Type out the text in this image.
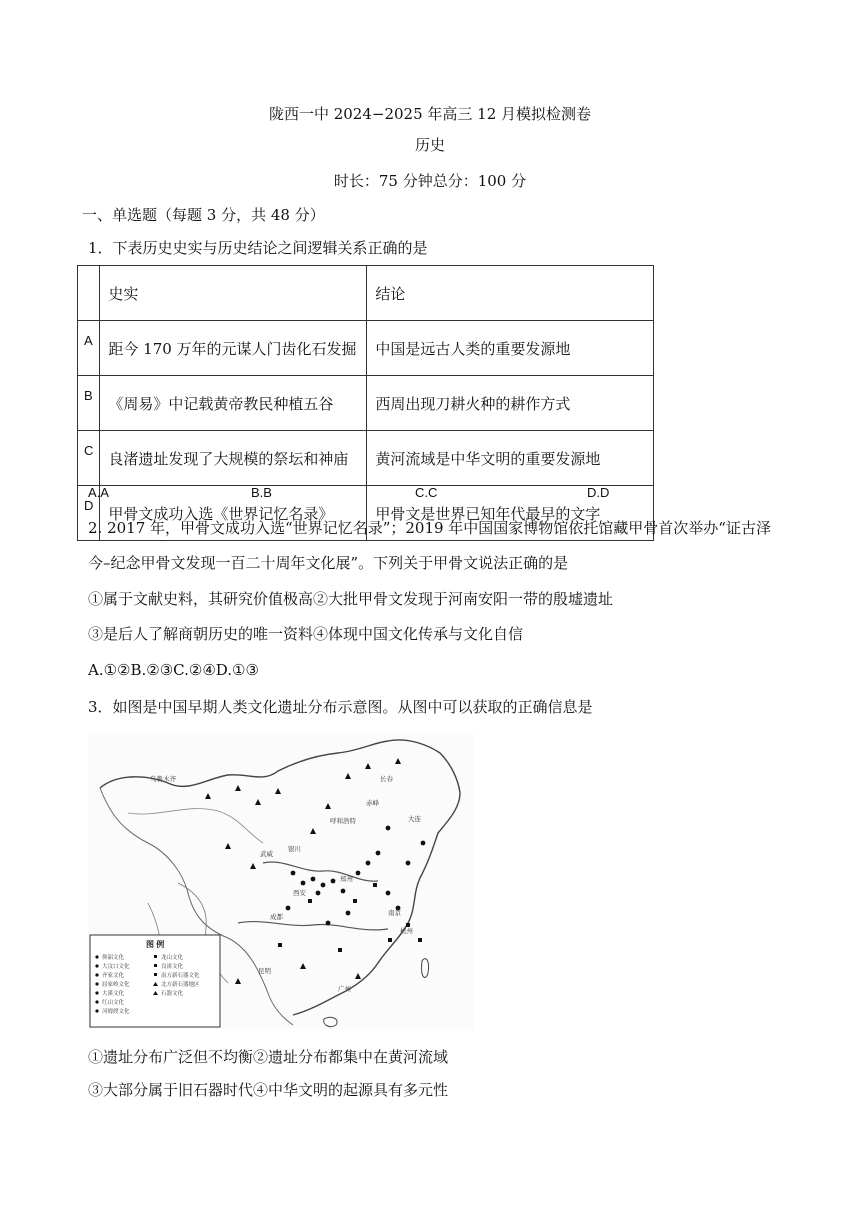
陇西一中 2024−2025 年高三 12 月模拟检测卷
历史
时长：75 分钟总分：100 分
一、单选题（每题 3 分，共 48 分）
1．下表历史史实与历史结论之间逻辑关系正确的是
	史实	结论
A	距今 170 万年的元谋人门齿化石发掘	中国是远古人类的重要发源地
B	《周易》中记载黄帝教民种植五谷	西周出现刀耕火种的耕作方式
C	良渚遗址发现了大规模的祭坛和神庙	黄河流域是中华文明的重要发源地
D	甲骨文成功入选《世界记忆名录》	甲骨文是世界已知年代最早的文字
A.A	B.B	C.C	D.D
2. 2017 年，甲骨文成功入选“世界记忆名录”；2019 年中国国家博物馆依托馆藏甲骨首次举办“证古泽
今–纪念甲骨文发现一百二十周年文化展”。下列关于甲骨文说法正确的是
①属于文献史料，其研究价值极高②大批甲骨文发现于河南安阳一带的殷墟遗址
③是后人了解商朝历史的唯一资料④体现中国文化传承与文化自信
A.①②B.②③C.②④D.①③
3．如图是中国早期人类文化遗址分布示意图。从图中可以获取的正确信息是
乌鲁木齐	长春
呼和浩特
银川
武威
西安
郑州
成都
昆明
广州
杭州
南京
赤峰
大连
图 例
仰韶文化
大汶口文化
齐家文化
屈家岭文化
大溪文化
红山文化
河姆渡文化
龙山文化
良渚文化
南方新石器文化
北方新石器地区
石器文化
①遗址分布广泛但不均衡②遗址分布都集中在黄河流域
③大部分属于旧石器时代④中华文明的起源具有多元性
